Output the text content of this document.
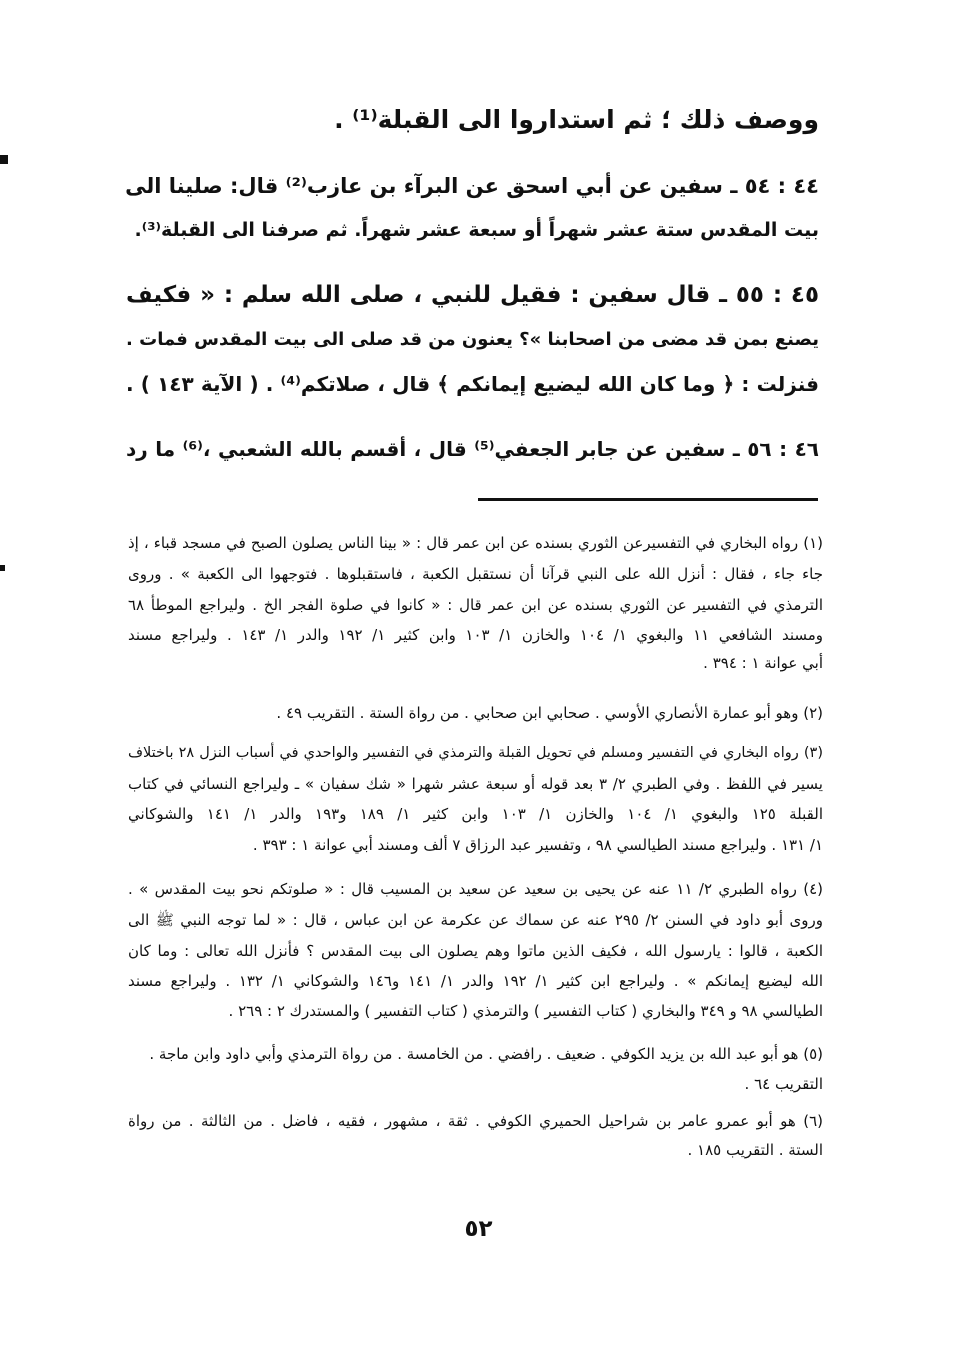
ووصف ذلك ؛ ثم استداروا الى القبلة⁽¹⁾ .
٤٤ : ٥٤ ـ سفين عن أبي اسحق عن البرآء بن عازب⁽²⁾ قال: صلينا الى
بيت المقدس ستة عشر شهراً أو سبعة عشر شهراً. ثم صرفنا الى القبلة⁽³⁾.
٤٥ : ٥٥ ـ قال سفين : فقيل للنبي ، صلى الله سلم : « فكيف
يصنع بمن قد مضى من اصحابنا »؟ يعنون من قد صلى الى بيت المقدس فمات .
فنزلت : ﴿ وما كان الله ليضيع إيمانكم ﴾ قال ، صلاتكم⁽⁴⁾ . ( الآية ١٤٣ ) .
٤٦ : ٥٦ ـ سفين عن جابر الجعفي⁽⁵⁾ قال ، أقسم بالله الشعبي ،⁽⁶⁾ ما رد
(١) رواه البخاري في التفسيرعن الثوري بسنده عن ابن عمر قال : « بينا الناس يصلون الصبح في مسجد قباء ، إذ
جاء جاء ، فقال : أنزل الله على النبي قرآنا أن نستقبل الكعبة ، فاستقبلوها . فتوجهوا الى الكعبة » . وروى
الترمذي في التفسير عن الثوري بسنده عن ابن عمر قال : « كانوا في صلوة الفجر الخ . وليراجع الموطأ ٦٨
ومسند الشافعي ١١ والبغوي ١/ ١٠٤ والخازن ١/ ١٠٣ وابن كثير ١/ ١٩٢ والدر ١/ ١٤٣ . وليراجع مسند
أبي عوانة ١ : ٣٩٤ .
(٢) وهو أبو عمارة الأنصاري الأوسي . صحابي ابن صحابي . من رواة الستة . التقريب ٤٩ .
(٣) رواه البخاري في التفسير ومسلم في تحويل القبلة والترمذي في التفسير والواحدي في أسباب النزل ٢٨ باختلاف
يسير في اللفظ . وفي الطبري ٢/ ٣ بعد قوله أو سبعة عشر شهرا « شك سفيان » ـ وليراجع النسائي في كتاب
القبلة ١٢٥ والبغوي ١/ ١٠٤ والخازن ١/ ١٠٣ وابن كثير ١/ ١٨٩ و١٩٣ والدر ١/ ١٤١ والشوكاني
١/ ١٣١ . وليراجع مسند الطيالسي ٩٨ ، وتفسير عبد الرزاق ٧ ألف ومسند أبي عوانة ١ : ٣٩٣ .
(٤) رواه الطبري ٢/ ١١ عنه عن يحيى بن سعيد عن سعيد بن المسيب قال : « صلوتكم نحو بيت المقدس » .
وروى أبو داود في السنن ٢/ ٢٩٥ عنه عن سماك عن عكرمة عن ابن عباس ، قال : « لما توجه النبي ﷺ الى
الكعبة ، قالوا : يارسول الله ، فكيف الذين ماتوا وهم يصلون الى بيت المقدس ؟ فأنزل الله تعالى : وما كان
الله ليضيع إيمانكم » . وليراجع ابن كثير ١/ ١٩٢ والدر ١/ ١٤١ و١٤٦ والشوكاني ١/ ١٣٢ . وليراجع مسند
الطيالسي ٩٨ و ٣٤٩ والبخاري ( كتاب التفسير ) والترمذي ( كتاب التفسير ) والمستدرك ٢ : ٢٦٩ .
(٥) هو أبو عبد الله بن يزيد الكوفي . ضعيف . رافضي . من الخامسة . من رواة الترمذي وأبي داود وابن ماجة .
التقريب ٦٤ .
(٦) هو أبو عمرو عامر بن شراحيل الحميري الكوفي . ثقة ، مشهور ، فقيه ، فاضل . من الثالثة . من رواة
الستة . التقريب ١٨٥ .
٥٢
